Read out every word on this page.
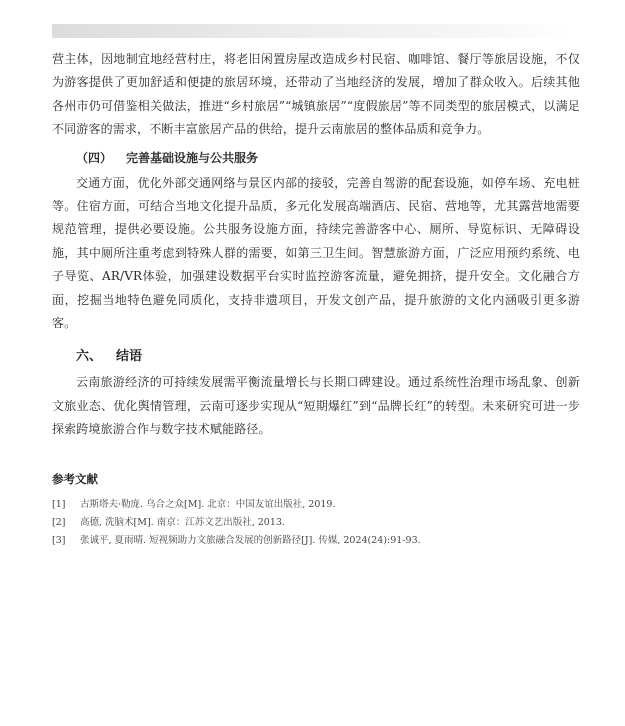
营主体，因地制宜地经营村庄，将老旧闲置房屋改造成乡村民宿、咖啡馆、餐厅等旅居设施，不仅为游客提供了更加舒适和便捷的旅居环境，还带动了当地经济的发展，增加了群众收入。后续其他各州市仍可借鉴相关做法，推进“乡村旅居”“城镇旅居”“度假旅居”等不同类型的旅居模式，以满足不同游客的需求，不断丰富旅居产品的供给，提升云南旅居的整体品质和竞争力。

（四） 完善基础设施与公共服务

交通方面，优化外部交通网络与景区内部的接驳，完善自驾游的配套设施，如停车场、充电桩等。住宿方面，可结合当地文化提升品质，多元化发展高端酒店、民宿、营地等，尤其露营地需要规范管理，提供必要设施。公共服务设施方面，持续完善游客中心、厕所、导览标识、无障碍设施，其中厕所注重考虑到特殊人群的需要，如第三卫生间。智慧旅游方面，广泛应用预约系统、电子导览、AR/VR体验，加强建设数据平台实时监控游客流量，避免拥挤，提升安全。文化融合方面，挖掘当地特色避免同质化，支持非遗项目，开发文创产品，提升旅游的文化内涵吸引更多游客。

六、 结语

云南旅游经济的可持续发展需平衡流量增长与长期口碑建设。通过系统性治理市场乱象、创新文旅业态、优化舆情管理，云南可逐步实现从“短期爆红”到“品牌长红”的转型。未来研究可进一步探索跨境旅游合作与数字技术赋能路径。

参考文献
[1]	古斯塔夫·勒庞. 乌合之众[M]. 北京：中国友谊出版社, 2019.
[2]	高德, 洗脑术[M]. 南京：江苏文艺出版社, 2013.
[3]	张诚平, 夏雨晴. 短视频助力文旅融合发展的创新路径[J]. 传媒, 2024(24):91-93.
